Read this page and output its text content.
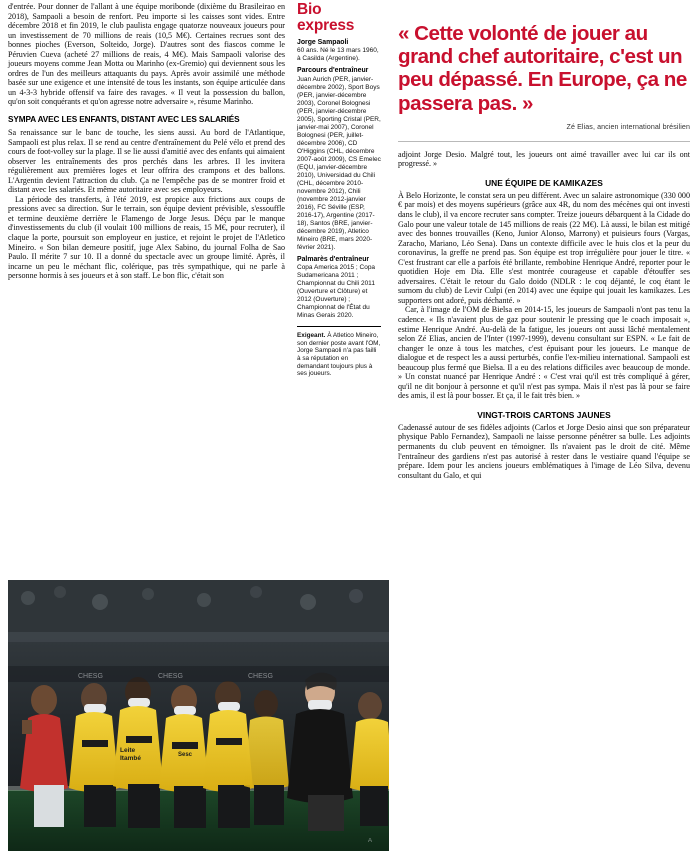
d'entrée. Pour donner de l'allant à une équipe moribonde (dixième du Brasileirao en 2018), Sampaoli a besoin de renfort. Peu importe si les caisses sont vides. Entre décembre 2018 et fin 2019, le club paulista engage quatorze nouveaux joueurs pour un investissement de 70 millions de reais (10,5 M€). Certaines recrues sont des bonnes pioches (Everson, Solteido, Jorge). D'autres sont des fiascos comme le Péruvien Cueva (acheté 27 millions de reais, 4 M€). Mais Sampaoli valorise des joueurs moyens comme Jean Motta ou Marinho (ex-Gremio) qui deviennent sous les ordres de l'un des meilleurs attaquants du pays. Après avoir assimilé une méthode basée sur une exigence et une intensité de tous les instants, son équipe articulée dans un 4-3-3 hybride offensif va faire des ravages. « Il veut la possession du ballon, qu'on soit conquérants et qu'on agresse notre adversaire », résume Marinho.

SYMPA AVEC LES ENFANTS, DISTANT AVEC LES SALARIÉS

Sa renaissance sur le banc de touche, les siens aussi. Au bord de l'Atlantique, Sampaoli est plus relax. Il se rend au centre d'entraînement du Pelé vélo et prend des cours de foot-volley sur la plage. Il se lie aussi d'amitié avec des enfants qui aimaient observer les entraînements des pros perchés dans les arbres. Il les invitera régulièrement aux premières loges et leur offrira des crampons et des ballons. L'Argentin devient l'attraction du club. Ça ne l'empêche pas de se montrer froid et distant avec les salariés. Et même autoritaire avec ses employeurs.

La période des transferts, à l'été 2019, est propice aux frictions aux coups de pressions avec sa direction. Sur le terrain, son équipe devient prévisible, s'essouffle et termine deuxième derrière le Flamengo de Jorge Jesus. Déçu par le manque d'investissements du club (il voulait 100 millions de reais, 15 M€, pour recruter), il claque la porte, poursuit son employeur en justice, et rejoint le projet de l'Atletico Mineiro. « Son bilan demeure positif, juge Alex Sabino, du journal Folha de Sao Paulo. Il mérite 7 sur 10. Il a donné du spectacle avec un groupe limité. Après, il incarne un peu le méchant flic, colérique, pas très sympathique, qui ne parle à personne hormis à ses joueurs et à son staff. Le bon flic, c'était son

Bio express
Jorge Sampaoli
60 ans. Né le 13 mars 1960, à Casilda (Argentine).
Parcours d'entraîneur
Juan Aurich (PER, janvier-décembre 2002), Sport Boys (PER, janvier-décembre 2003), Coronel Bolognesi (PER, janvier-décembre 2005), Sporting Cristal (PER, janvier-mai 2007), Coronel Bolognesi (PER, juillet-décembre 2006), CD O'Higgins (CHL, décembre 2007-août 2009), CS Emelec (EQU, janvier-décembre 2010), Universidad du Chili (CHL, décembre 2010-novembre 2012), Chili (novembre 2012-janvier 2016), FC Séville (ESP, 2016-17), Argentine (2017-18), Santos (BRE, janvier-décembre 2019), Atletico Mineiro (BRE, mars 2020-février 2021).
Palmarès d'entraîneur
Copa America 2015 ; Copa Sudamericana 2011 ; Championnat du Chili 2011 (Ouverture et Clôture) et 2012 (Ouverture) ; Championnat de l'État du Minas Gerais 2020.
Exigeant. À Atletico Mineiro, son dernier poste avant l'OM, Jorge Sampaoli n'a pas failli à sa réputation en demandant toujours plus à ses joueurs.
« Cette volonté de jouer au grand chef autoritaire, c'est un peu dépassé. En Europe, ça ne passera pas. »
Zé Elias, ancien international brésilien

adjoint Jorge Desio. Malgré tout, les joueurs ont aimé travailler avec lui car ils ont progressé. »

UNE ÉQUIPE DE KAMIKAZES

À Belo Horizonte, le constat sera un peu différent. Avec un salaire astronomique (330 000 € par mois) et des moyens supérieurs (grâce aux 4R, du nom des mécènes qui ont investi dans le club), il va encore recruter sans compter. Treize joueurs débarquent à la Cidade do Galo pour une valeur totale de 145 millions de reais (22 M€). Là aussi, le bilan est mitigé avec des bonnes trouvailles (Keno, Junior Alonso, Marrony) et puisieurs fours (Vargas, Zaracho, Mariano, Léo Sena). Dans un contexte difficile avec le huis clos et la peur du coronavirus, la greffe ne prend pas. Son équipe est trop irrégulière pour jouer le titre. « C'est frustrant car elle a parfois été brillante, rembobine Henrique André, reporter pour le quotidien Hoje em Dia. Elle s'est montrée courageuse et capable d'étouffer ses adversaires. C'était le retour du Galo doido (NDLR : le coq déjanté, le coq étant le surnom du club) de Levir Culpi (en 2014) avec une équipe qui jouait les kamikazes. Les supporters ont adoré, puis déchanté. »

Car, à l'image de l'OM de Bielsa en 2014-15, les joueurs de Sampaoli n'ont pas tenu la cadence. « Ils n'avaient plus de gaz pour soutenir le pressing que le coach imposait », estime Henrique André. Au-delà de la fatigue, les joueurs ont aussi lâché mentalement selon Zé Elias, ancien de l'Inter (1997-1999), devenu consultant sur ESPN. « Le fait de changer le onze à tous les matches, c'est épuisant pour les joueurs. Le manque de dialogue et de respect les a aussi perturbés, confie l'ex-milieu international. Sampaoli est beaucoup plus fermé que Bielsa. Il a eu des relations difficiles avec beaucoup de monde. » Un constat nuancé par Henrique André : « C'est vrai qu'il est très compliqué à gérer, qu'il ne dit bonjour à personne et qu'il n'est pas sympa. Mais il n'est pas là pour se faire des amis, il est là pour bosser. Et ça, il le fait très bien. »

VINGT-TROIS CARTONS JAUNES

Cadenassé autour de ses fidèles adjoints (Carlos et Jorge Desio ainsi que son préparateur physique Pablo Fernandez), Sampaoli ne laisse personne pénétrer sa bulle. Les adjoints permanents du club peuvent en témoigner. Ils n'avaient pas le droit de cité. Même l'entraîneur des gardiens n'est pas autorisé à rester dans le vestiaire quand l'équipe se prépare. Idem pour les anciens joueurs emblématiques à l'image de Léo Silva, devenu consultant du Galo, et qui

CHESG	CHESG	CHESG
Leite
Itambé	Sesc
A
